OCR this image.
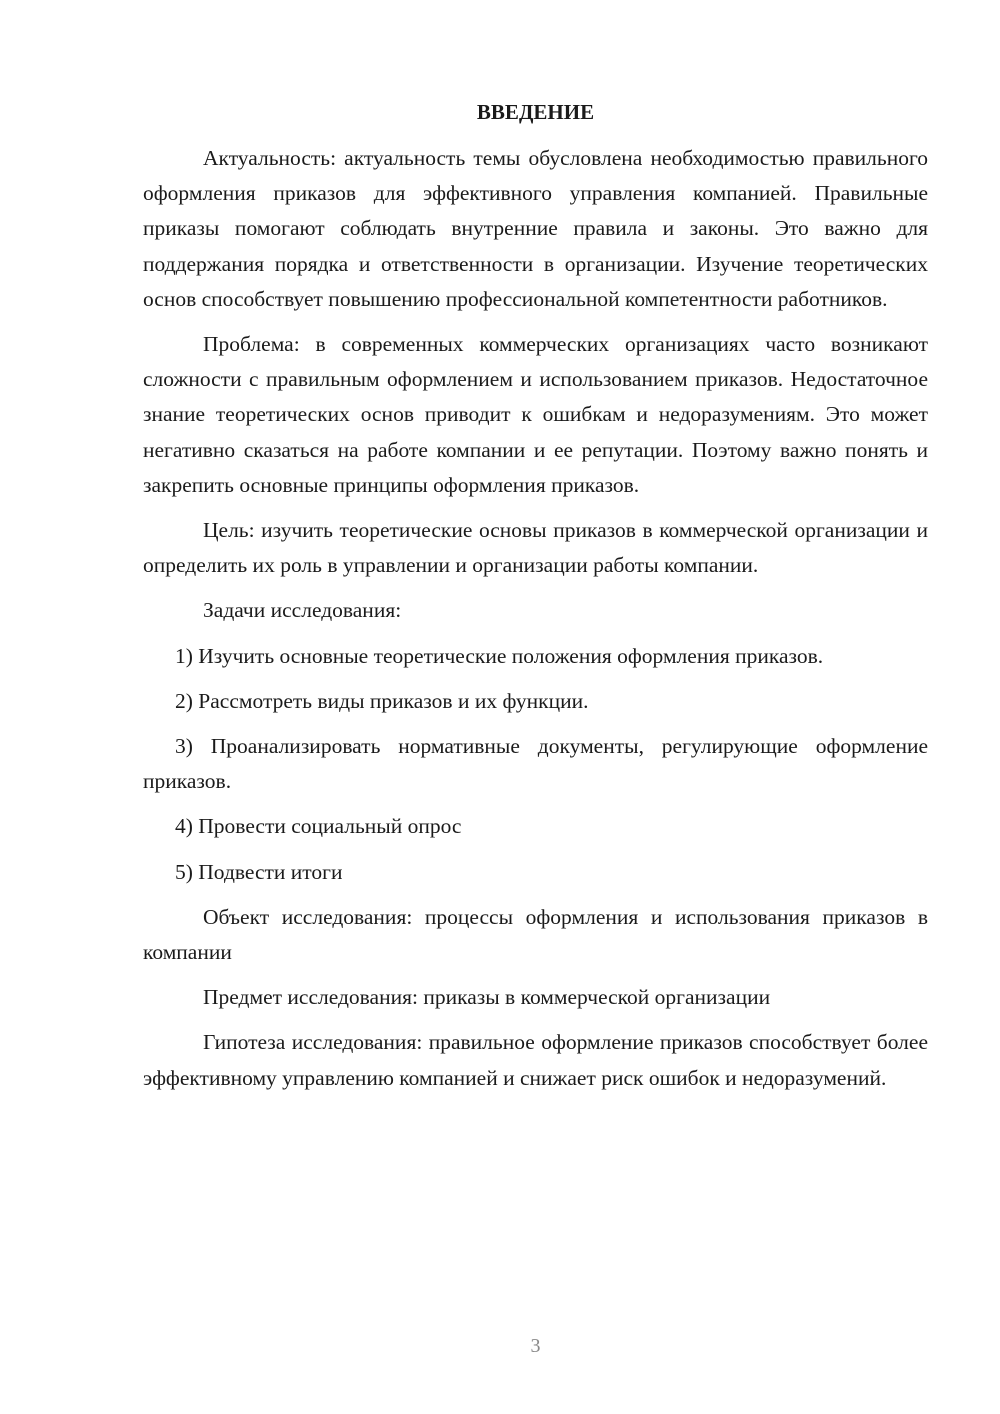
ВВЕДЕНИЕ

Актуальность: актуальность темы обусловлена необходимостью правильного оформления приказов для эффективного управления компанией. Правильные приказы помогают соблюдать внутренние правила и законы. Это важно для поддержания порядка и ответственности в организации. Изучение теоретических основ способствует повышению профессиональной компетентности работников.

Проблема: в современных коммерческих организациях часто возникают сложности с правильным оформлением и использованием приказов. Недостаточное знание теоретических основ приводит к ошибкам и недоразумениям. Это может негативно сказаться на работе компании и ее репутации. Поэтому важно понять и закрепить основные принципы оформления приказов.

Цель: изучить теоретические основы приказов в коммерческой организации и определить их роль в управлении и организации работы компании.

Задачи исследования:

1) Изучить основные теоретические положения оформления приказов.

2) Рассмотреть виды приказов и их функции.

3) Проанализировать нормативные документы, регулирующие оформление приказов.

4) Провести социальный опрос

5) Подвести итоги

Объект исследования: процессы оформления и использования приказов в компании

Предмет исследования: приказы в коммерческой организации

Гипотеза исследования: правильное оформление приказов способствует более эффективному управлению компанией и снижает риск ошибок и недоразумений.

3
